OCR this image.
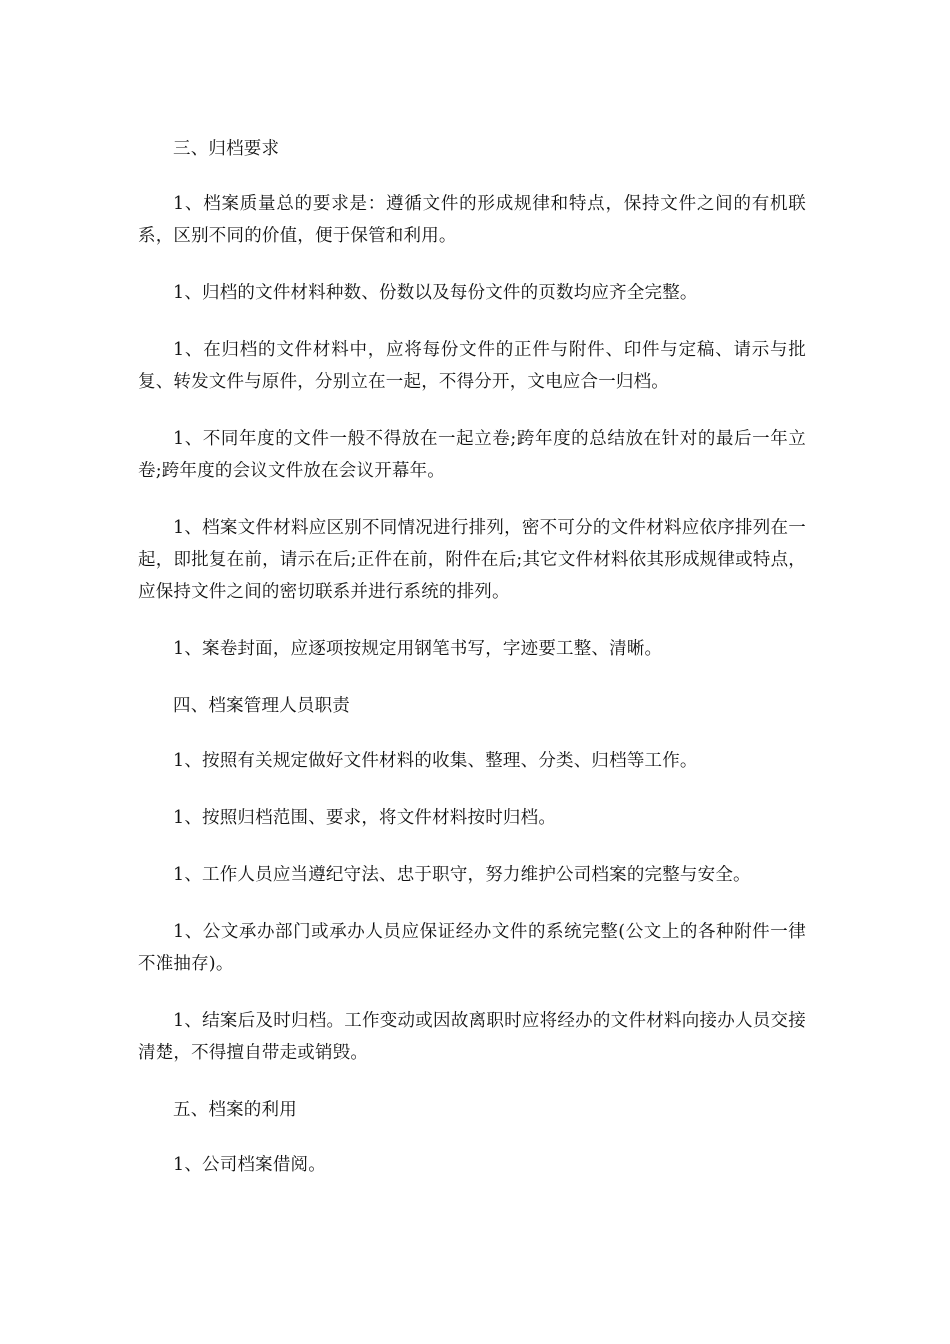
三、归档要求

1、档案质量总的要求是：遵循文件的形成规律和特点，保持文件之间的有机联系，区别不同的价值，便于保管和利用。

1、归档的文件材料种数、份数以及每份文件的页数均应齐全完整。

1、在归档的文件材料中，应将每份文件的正件与附件、印件与定稿、请示与批复、转发文件与原件，分别立在一起，不得分开，文电应合一归档。

1、不同年度的文件一般不得放在一起立卷;跨年度的总结放在针对的最后一年立卷;跨年度的会议文件放在会议开幕年。

1、档案文件材料应区别不同情况进行排列，密不可分的文件材料应依序排列在一起，即批复在前，请示在后;正件在前，附件在后;其它文件材料依其形成规律或特点，应保持文件之间的密切联系并进行系统的排列。

1、案卷封面，应逐项按规定用钢笔书写，字迹要工整、清晰。

四、档案管理人员职责

1、按照有关规定做好文件材料的收集、整理、分类、归档等工作。

1、按照归档范围、要求，将文件材料按时归档。

1、工作人员应当遵纪守法、忠于职守，努力维护公司档案的完整与安全。

1、公文承办部门或承办人员应保证经办文件的系统完整(公文上的各种附件一律不准抽存)。

1、结案后及时归档。工作变动或因故离职时应将经办的文件材料向接办人员交接清楚，不得擅自带走或销毁。

五、档案的利用

1、公司档案借阅。
